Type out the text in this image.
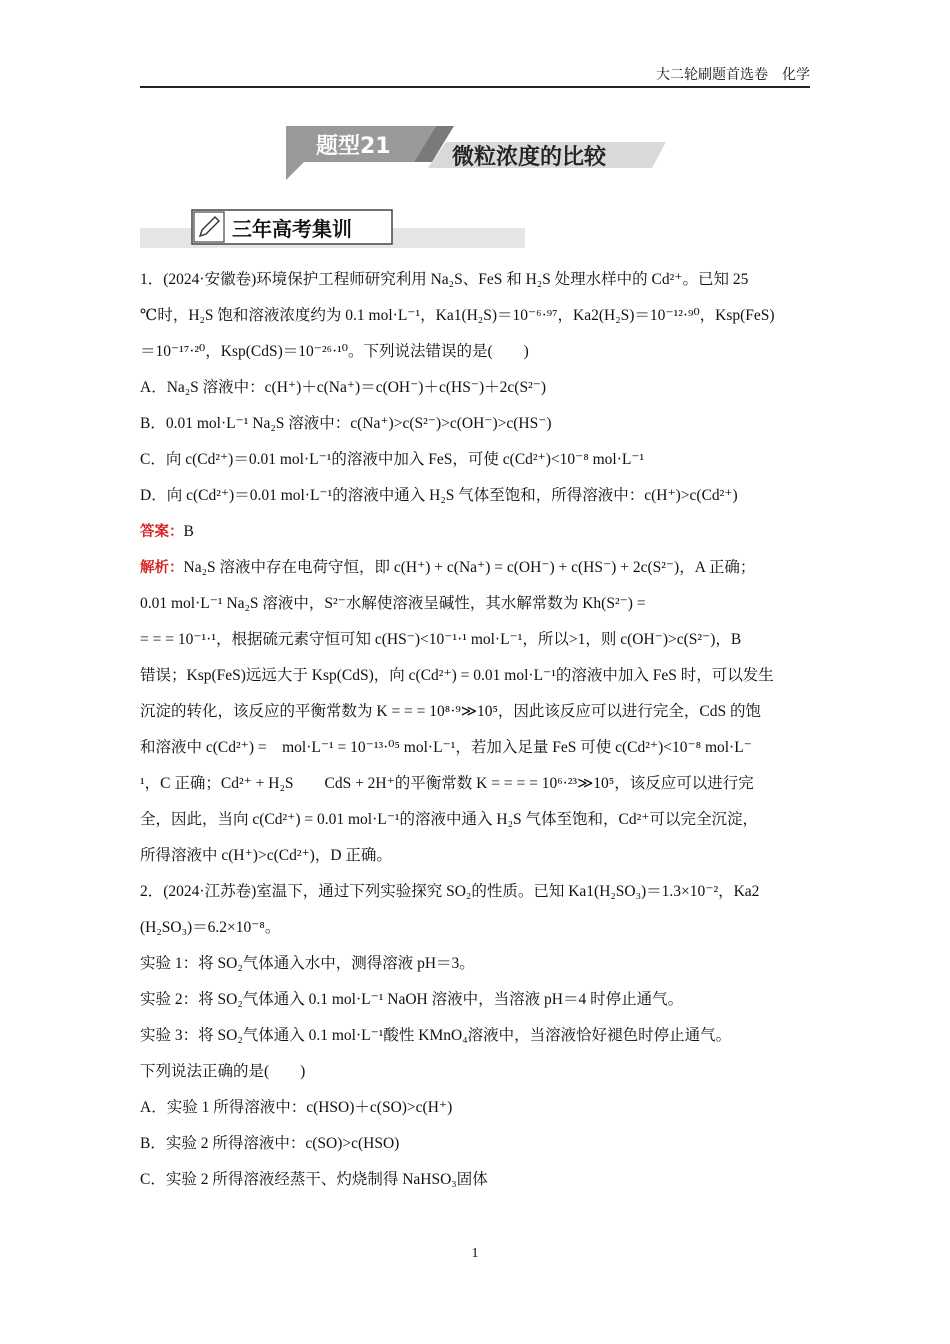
大二轮刷题首选卷　化学
题型21	微粒浓度的比较
三年高考集训
1．(2024·安徽卷)环境保护工程师研究利用 Na₂S、FeS 和 H₂S 处理水样中的 Cd²⁺。已知 25
℃时，H₂S 饱和溶液浓度约为 0.1 mol·L⁻¹，Ka1(H₂S)＝10⁻⁶·⁹⁷，Ka2(H₂S)＝10⁻¹²·⁹⁰，Ksp(FeS)
＝10⁻¹⁷·²⁰，Ksp(CdS)＝10⁻²⁶·¹⁰。下列说法错误的是(　　)
A．Na₂S 溶液中：c(H⁺)＋c(Na⁺)＝c(OH⁻)＋c(HS⁻)＋2c(S²⁻)
B．0.01 mol·L⁻¹ Na₂S 溶液中：c(Na⁺)>c(S²⁻)>c(OH⁻)>c(HS⁻)
C．向 c(Cd²⁺)＝0.01 mol·L⁻¹的溶液中加入 FeS，可使 c(Cd²⁺)<10⁻⁸ mol·L⁻¹
D．向 c(Cd²⁺)＝0.01 mol·L⁻¹的溶液中通入 H₂S 气体至饱和，所得溶液中：c(H⁺)>c(Cd²⁺)
答案：B
解析：Na₂S 溶液中存在电荷守恒，即 c(H⁺) + c(Na⁺) = c(OH⁻) + c(HS⁻) + 2c(S²⁻)，A 正确；
0.01 mol·L⁻¹ Na₂S 溶液中，S²⁻水解使溶液呈碱性，其水解常数为 Kh(S²⁻) =
= = = 10⁻¹·¹，根据硫元素守恒可知 c(HS⁻)<10⁻¹·¹ mol·L⁻¹，所以>1，则 c(OH⁻)>c(S²⁻)，B
错误；Ksp(FeS)远远大于 Ksp(CdS)，向 c(Cd²⁺) = 0.01 mol·L⁻¹的溶液中加入 FeS 时，可以发生
沉淀的转化，该反应的平衡常数为 K = = = 10⁸·⁹≫10⁵，因此该反应可以进行完全，CdS 的饱
和溶液中 c(Cd²⁺) =　mol·L⁻¹ = 10⁻¹³·⁰⁵ mol·L⁻¹，若加入足量 FeS 可使 c(Cd²⁺)<10⁻⁸ mol·L⁻
¹，C 正确；Cd²⁺ + H₂S　　CdS + 2H⁺的平衡常数 K = = = = 10⁶·²³≫10⁵，该反应可以进行完
全，因此，当向 c(Cd²⁺) = 0.01 mol·L⁻¹的溶液中通入 H₂S 气体至饱和，Cd²⁺可以完全沉淀，
所得溶液中 c(H⁺)>c(Cd²⁺)，D 正确。
2．(2024·江苏卷)室温下，通过下列实验探究 SO₂的性质。已知 Ka1(H₂SO₃)＝1.3×10⁻²，Ka2
(H₂SO₃)＝6.2×10⁻⁸。
实验 1：将 SO₂气体通入水中，测得溶液 pH＝3。
实验 2：将 SO₂气体通入 0.1 mol·L⁻¹ NaOH 溶液中，当溶液 pH＝4 时停止通气。
实验 3：将 SO₂气体通入 0.1 mol·L⁻¹酸性 KMnO₄溶液中，当溶液恰好褪色时停止通气。
下列说法正确的是(　　)
A．实验 1 所得溶液中：c(HSO)＋c(SO)>c(H⁺)
B．实验 2 所得溶液中：c(SO)>c(HSO)
C．实验 2 所得溶液经蒸干、灼烧制得 NaHSO₃固体
1
